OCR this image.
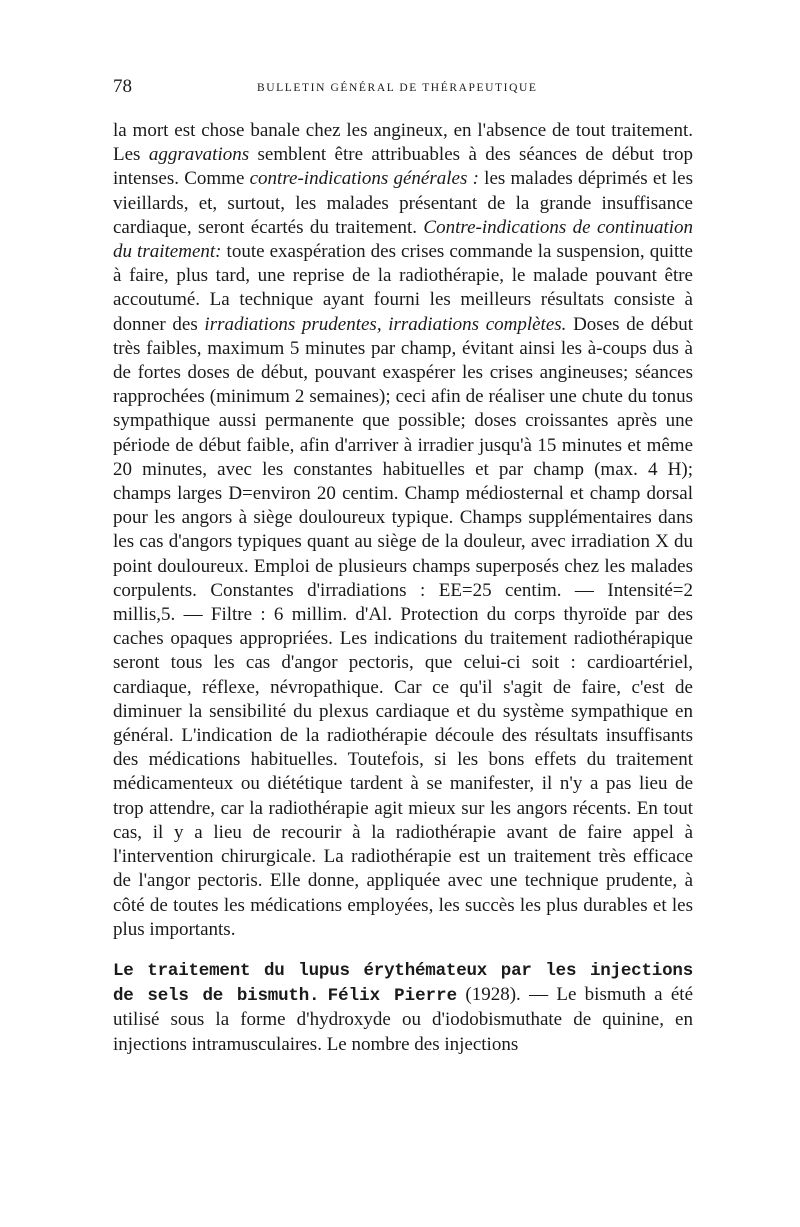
78	BULLETIN GÉNÉRAL DE THÉRAPEUTIQUE

la mort est chose banale chez les angineux, en l'absence de tout traitement. Les aggravations semblent être attribuables à des séances de début trop intenses. Comme contre-indications générales : les malades déprimés et les vieillards, et, surtout, les malades présentant de la grande insuffisance cardiaque, seront écartés du traitement. Contre-indications de continuation du traitement: toute exaspération des crises commande la suspension, quitte à faire, plus tard, une reprise de la radiothérapie, le malade pouvant être accoutumé. La technique ayant fourni les meilleurs résultats consiste à donner des irradiations prudentes, irradiations complètes. Doses de début très faibles, maximum 5 minutes par champ, évitant ainsi les à-coups dus à de fortes doses de début, pouvant exaspérer les crises angineuses; séances rapprochées (minimum 2 semaines); ceci afin de réaliser une chute du tonus sympathique aussi permanente que possible; doses croissantes après une période de début faible, afin d'arriver à irradier jusqu'à 15 minutes et même 20 minutes, avec les constantes habituelles et par champ (max. 4 H); champs larges D=environ 20 centim. Champ médiosternal et champ dorsal pour les angors à siège douloureux typique. Champs supplémentaires dans les cas d'angors typiques quant au siège de la douleur, avec irradiation X du point douloureux. Emploi de plusieurs champs superposés chez les malades corpulents. Constantes d'irradiations : EE=25 centim. — Intensité=2 millis,5. — Filtre : 6 millim. d'Al. Protection du corps thyroïde par des caches opaques appropriées. Les indications du traitement radiothérapique seront tous les cas d'angor pectoris, que celui-ci soit : cardioartériel, cardiaque, réflexe, névropathique. Car ce qu'il s'agit de faire, c'est de diminuer la sensibilité du plexus cardiaque et du système sympathique en général. L'indication de la radiothérapie découle des résultats insuffisants des médications habituelles. Toutefois, si les bons effets du traitement médicamenteux ou diététique tardent à se manifester, il n'y a pas lieu de trop attendre, car la radiothérapie agit mieux sur les angors récents. En tout cas, il y a lieu de recourir à la radiothérapie avant de faire appel à l'intervention chirurgicale. La radiothérapie est un traitement très efficace de l'angor pectoris. Elle donne, appliquée avec une technique prudente, à côté de toutes les médications employées, les succès les plus durables et les plus importants.

Le traitement du lupus érythémateux par les injections de sels de bismuth. Félix Pierre (1928). — Le bismuth a été utilisé sous la forme d'hydroxyde ou d'iodobismuthate de quinine, en injections intramusculaires. Le nombre des injections
